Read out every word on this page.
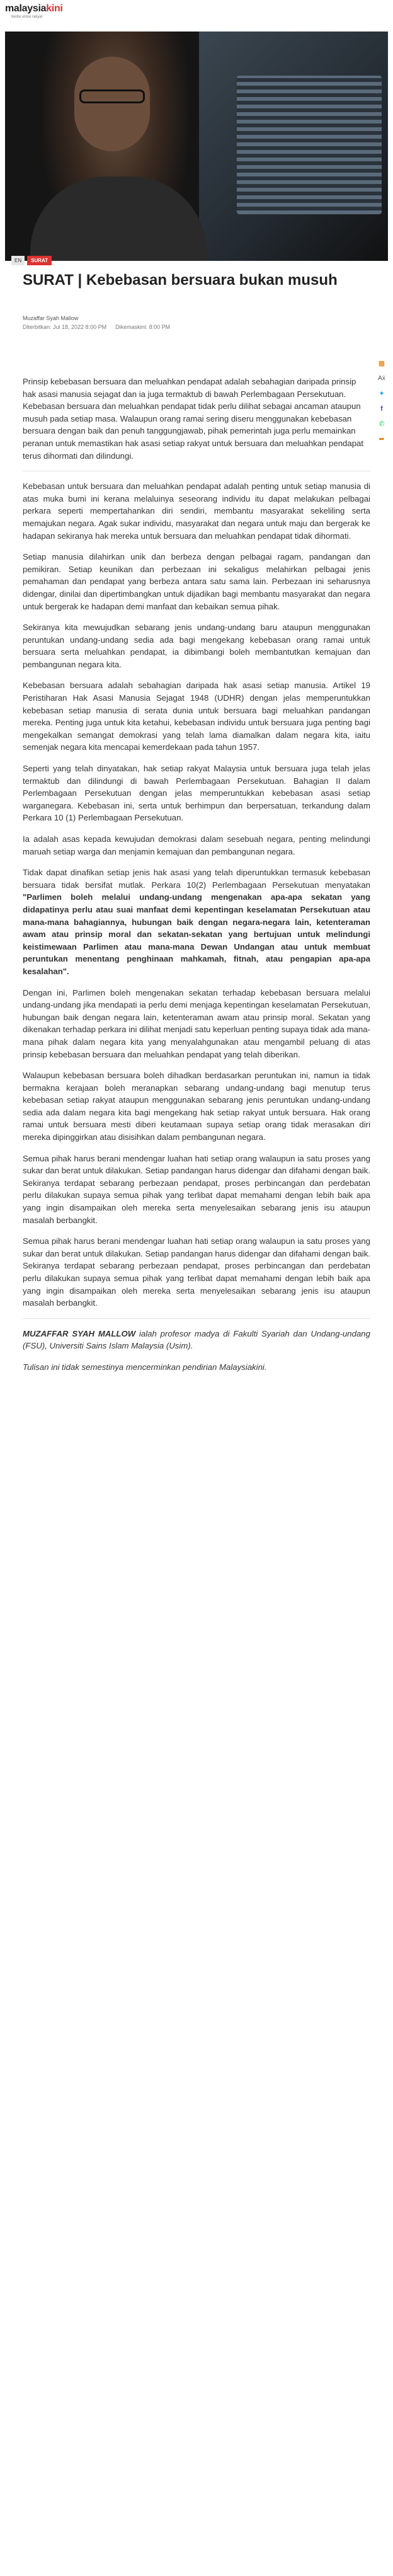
malaysiakini
berita untuk rakyat
EN	SURAT
SURAT | Kebebasan bersuara bukan musuh
Muzaffar Syah Mallow
Diterbitkan: Jul 18, 2022 8:00 PM Dikemaskini: 8:00 PM
▩
Aẋ
✦
f
✆
➦

Prinsip kebebasan bersuara dan meluahkan pendapat adalah sebahagian daripada prinsip hak asasi manusia sejagat dan ia juga termaktub di bawah Perlembagaan Persekutuan. Kebebasan bersuara dan meluahkan pendapat tidak perlu dilihat sebagai ancaman ataupun musuh pada setiap masa. Walaupun orang ramai sering diseru menggunakan kebebasan bersuara dengan baik dan penuh tanggungjawab, pihak pemerintah juga perlu memainkan peranan untuk memastikan hak asasi setiap rakyat untuk bersuara dan meluahkan pendapat terus dihormati dan dilindungi.

Kebebasan untuk bersuara dan meluahkan pendapat adalah penting untuk setiap manusia di atas muka bumi ini kerana melaluinya seseorang individu itu dapat melakukan pelbagai perkara seperti mempertahankan diri sendiri, membantu masyarakat sekeliling serta memajukan negara. Agak sukar individu, masyarakat dan negara untuk maju dan bergerak ke hadapan sekiranya hak mereka untuk bersuara dan meluahkan pendapat tidak dihormati.

Setiap manusia dilahirkan unik dan berbeza dengan pelbagai ragam, pandangan dan pemikiran. Setiap keunikan dan perbezaan ini sekaligus melahirkan pelbagai jenis pemahaman dan pendapat yang berbeza antara satu sama lain. Perbezaan ini seharusnya didengar, dinilai dan dipertimbangkan untuk dijadikan bagi membantu masyarakat dan negara untuk bergerak ke hadapan demi manfaat dan kebaikan semua pihak.

Sekiranya kita mewujudkan sebarang jenis undang-undang baru ataupun menggunakan peruntukan undang-undang sedia ada bagi mengekang kebebasan orang ramai untuk bersuara serta meluahkan pendapat, ia dibimbangi boleh membantutkan kemajuan dan pembangunan negara kita.

Kebebasan bersuara adalah sebahagian daripada hak asasi setiap manusia. Artikel 19 Peristiharan Hak Asasi Manusia Sejagat 1948 (UDHR) dengan jelas memperuntukkan kebebasan setiap manusia di serata dunia untuk bersuara bagi meluahkan pandangan mereka. Penting juga untuk kita ketahui, kebebasan individu untuk bersuara juga penting bagi mengekalkan semangat demokrasi yang telah lama diamalkan dalam negara kita, iaitu semenjak negara kita mencapai kemerdekaan pada tahun 1957.

Seperti yang telah dinyatakan, hak setiap rakyat Malaysia untuk bersuara juga telah jelas termaktub dan dilindungi di bawah Perlembagaan Persekutuan. Bahagian II dalam Perlembagaan Persekutuan dengan jelas memperuntukkan kebebasan asasi setiap warganegara. Kebebasan ini, serta untuk berhimpun dan berpersatuan, terkandung dalam Perkara 10 (1) Perlembagaan Persekutuan.

Ia adalah asas kepada kewujudan demokrasi dalam sesebuah negara, penting melindungi maruah setiap warga dan menjamin kemajuan dan pembangunan negara.

Tidak dapat dinafikan setiap jenis hak asasi yang telah diperuntukkan termasuk kebebasan bersuara tidak bersifat mutlak. Perkara 10(2) Perlembagaan Persekutuan menyatakan "Parlimen boleh melalui undang-undang mengenakan apa-apa sekatan yang didapatinya perlu atau suai manfaat demi kepentingan keselamatan Persekutuan atau mana-mana bahagiannya, hubungan baik dengan negara-negara lain, ketenteraman awam atau prinsip moral dan sekatan-sekatan yang bertujuan untuk melindungi keistimewaan Parlimen atau mana-mana Dewan Undangan atau untuk membuat peruntukan menentang penghinaan mahkamah, fitnah, atau pengapian apa-apa kesalahan".

Dengan ini, Parlimen boleh mengenakan sekatan terhadap kebebasan bersuara melalui undang-undang jika mendapati ia perlu demi menjaga kepentingan keselamatan Persekutuan, hubungan baik dengan negara lain, ketenteraman awam atau prinsip moral. Sekatan yang dikenakan terhadap perkara ini dilihat menjadi satu keperluan penting supaya tidak ada mana-mana pihak dalam negara kita yang menyalahgunakan atau mengambil peluang di atas prinsip kebebasan bersuara dan meluahkan pendapat yang telah diberikan.

Walaupun kebebasan bersuara boleh dihadkan berdasarkan peruntukan ini, namun ia tidak bermakna kerajaan boleh meranapkan sebarang undang-undang bagi menutup terus kebebasan setiap rakyat ataupun menggunakan sebarang jenis peruntukan undang-undang sedia ada dalam negara kita bagi mengekang hak setiap rakyat untuk bersuara. Hak orang ramai untuk bersuara mesti diberi keutamaan supaya setiap orang tidak merasakan diri mereka dipinggirkan atau disisihkan dalam pembangunan negara.

Semua pihak harus berani mendengar luahan hati setiap orang walaupun ia satu proses yang sukar dan berat untuk dilakukan. Setiap pandangan harus didengar dan difahami dengan baik. Sekiranya terdapat sebarang perbezaan pendapat, proses perbincangan dan perdebatan perlu dilakukan supaya semua pihak yang terlibat dapat memahami dengan lebih baik apa yang ingin disampaikan oleh mereka serta menyelesaikan sebarang jenis isu ataupun masalah berbangkit.

Semua pihak harus berani mendengar luahan hati setiap orang walaupun ia satu proses yang sukar dan berat untuk dilakukan. Setiap pandangan harus didengar dan difahami dengan baik. Sekiranya terdapat sebarang perbezaan pendapat, proses perbincangan dan perdebatan perlu dilakukan supaya semua pihak yang terlibat dapat memahami dengan lebih baik apa yang ingin disampaikan oleh mereka serta menyelesaikan sebarang jenis isu ataupun masalah berbangkit.

MUZAFFAR SYAH MALLOW ialah profesor madya di Fakulti Syariah dan Undang-undang (FSU), Universiti Sains Islam Malaysia (Usim).

Tulisan ini tidak semestinya mencerminkan pendirian Malaysiakini.
